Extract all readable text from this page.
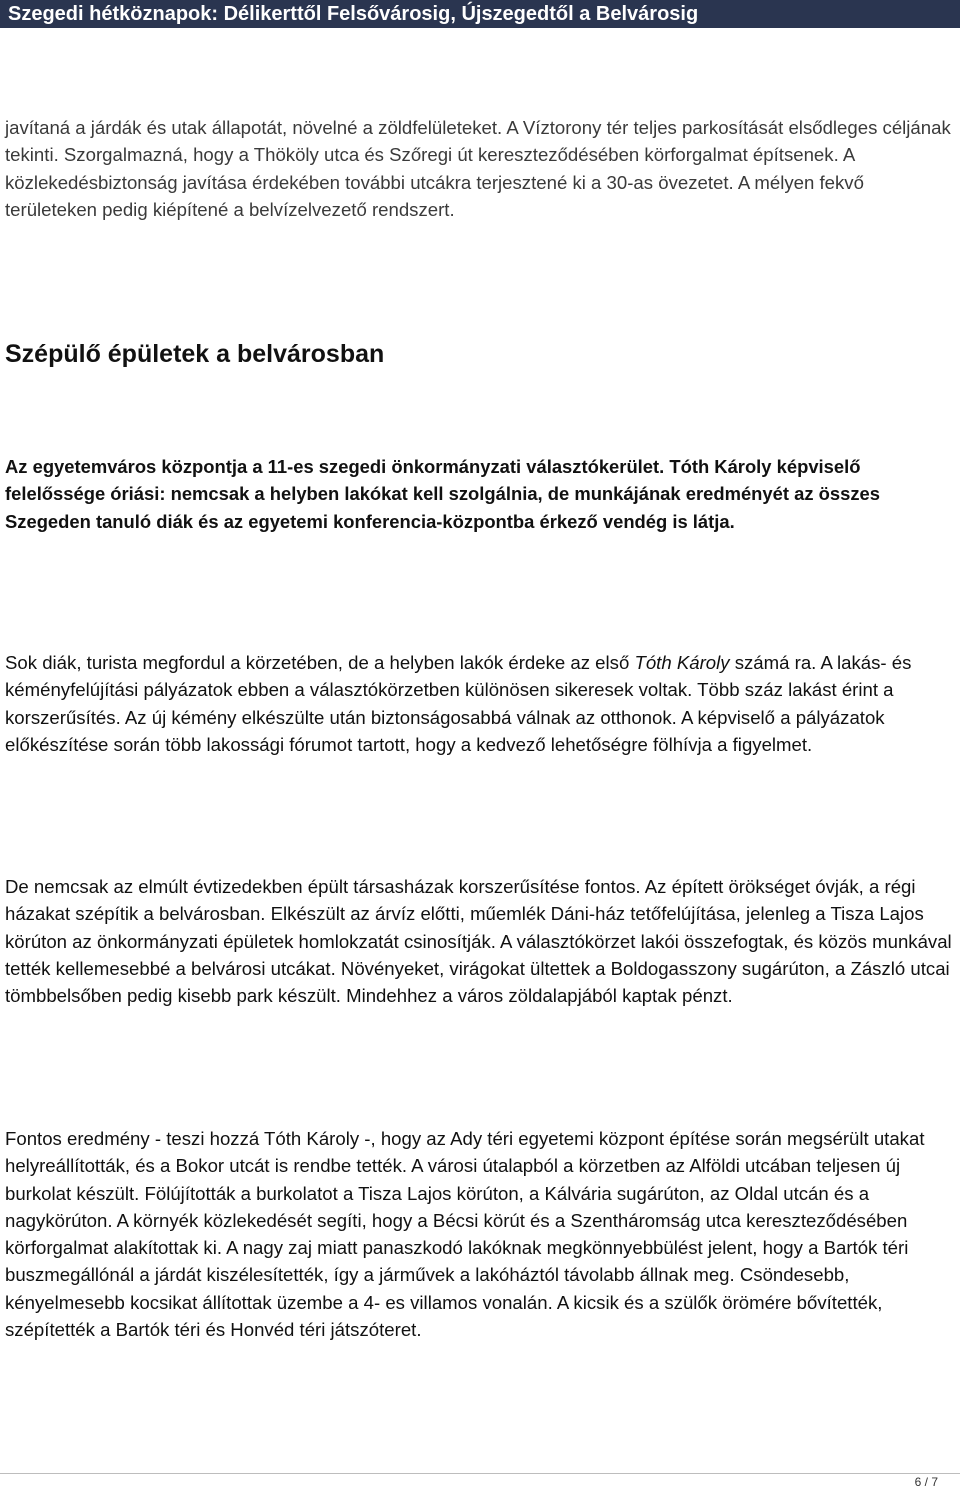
Szegedi hétköznapok: Délikerttől Felsővárosig, Újszegedtől a Belvárosig

javítaná a járdák és utak állapotát, növelné a zöldfelületeket. A Víztorony tér teljes parkosítását elsődleges céljának tekinti. Szorgalmazná, hogy a Thököly utca és Szőregi út kereszteződésében körforgalmat építsenek. A közlekedésbiztonság javítása érdekében további utcákra terjesztené ki a 30-as övezetet. A mélyen fekvő területeken pedig kiépítené a belvízelvezető rendszert.

Szépülő épületek a belvárosban

Az egyetemváros központja a 11-es szegedi önkormányzati választókerület. Tóth Károly képviselő felelőssége óriási: nemcsak a helyben lakókat kell szolgálnia, de munkájának eredményét az összes Szegeden tanuló diák és az egyetemi konferencia-központba érkező vendég is látja.

Sok diák, turista megfordul a körzetében, de a helyben lakók érdeke az első Tóth Károly számá ra. A lakás- és kéményfelújítási pályázatok ebben a választókörzetben különösen sikeresek voltak. Több száz lakást érint a korszerűsítés. Az új kémény elkészülte után biztonságosabbá válnak az otthonok. A képviselő a pályázatok előkészítése során több lakossági fórumot tartott, hogy a kedvező lehetőségre fölhívja a figyelmet.

De nemcsak az elmúlt évtizedekben épült társasházak korszerűsítése fontos. Az épített örökséget óvják, a régi házakat szépítik a belvárosban. Elkészült az árvíz előtti, műemlék Dáni-ház tetőfelújítása, jelenleg a Tisza Lajos körúton az önkormányzati épületek homlokzatát csinosítják. A választókörzet lakói összefogtak, és közös munkával tették kellemesebbé a belvárosi utcákat. Növényeket, virágokat ültettek a Boldogasszony sugárúton, a Zászló utcai tömbbelsőben pedig kisebb park készült. Mindehhez a város zöldalapjából kaptak pénzt.

Fontos eredmény - teszi hozzá Tóth Károly -, hogy az Ady téri egyetemi központ építése során megsérült utakat helyreállították, és a Bokor utcát is rendbe tették. A városi útalapból a körzetben az Alföldi utcában teljesen új burkolat készült. Fölújították a burkolatot a Tisza Lajos körúton, a Kálvária sugárúton, az Oldal utcán és a nagykörúton. A környék közlekedését segíti, hogy a Bécsi körút és a Szentháromság utca kereszteződésében körforgalmat alakítottak ki. A nagy zaj miatt panaszkodó lakóknak megkönnyebbülést jelent, hogy a Bartók téri buszmegállónál a járdát kiszélesítették, így a járművek a lakóháztól távolabb állnak meg. Csöndesebb, kényelmesebb kocsikat állítottak üzembe a 4- es villamos vonalán. A kicsik és a szülők örömére bővítették, szépítették a Bartók téri és Honvéd téri játszóteret.

6 / 7
